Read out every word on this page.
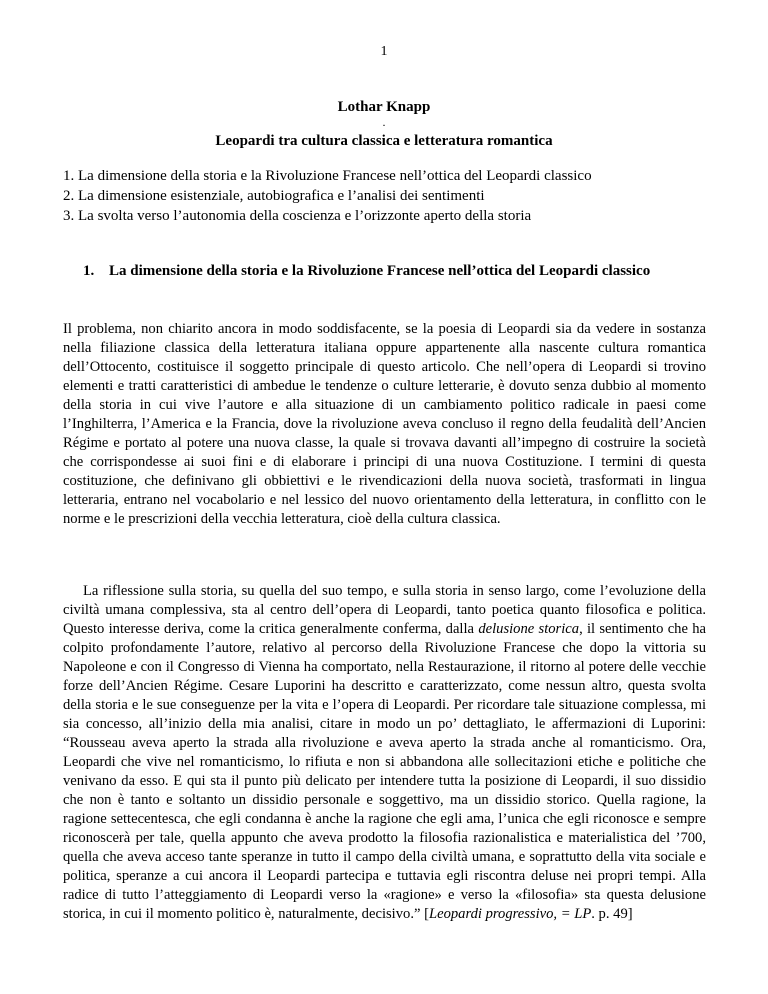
1
Lothar Knapp
.
Leopardi tra cultura classica e letteratura romantica
1. La dimensione della storia e la Rivoluzione Francese nell’ottica del Leopardi classico
2. La dimensione esistenziale, autobiografica e l’analisi dei sentimenti
3. La svolta verso l’autonomia della coscienza e l’orizzonte aperto della storia
1. La dimensione della storia e la Rivoluzione Francese nell’ottica del Leopardi classico

Il problema, non chiarito ancora in modo soddisfacente, se la poesia di Leopardi sia da vedere in sostanza nella filiazione classica della letteratura italiana oppure appartenente alla nascente cultura romantica dell’Ottocento, costituisce il soggetto principale di questo articolo. Che nell’opera di Leopardi si trovino elementi e tratti caratteristici di ambedue le tendenze o culture letterarie, è dovuto senza dubbio al momento della storia in cui vive l’autore e alla situazione di un cambiamento politico radicale in paesi come l’Inghilterra, l’America e la Francia, dove la rivoluzione aveva concluso il regno della feudalità dell’Ancien Régime e portato al potere una nuova classe, la quale si trovava davanti all’impegno di costruire la società che corrispondesse ai suoi fini e di elaborare i principi di una nuova Costituzione. I termini di questa costituzione, che definivano gli obbiettivi e le rivendicazioni della nuova società, trasformati in lingua letteraria, entrano nel vocabolario e nel lessico del nuovo orientamento della letteratura, in conflitto con le norme e le prescrizioni della vecchia letteratura, cioè della cultura classica.

La riflessione sulla storia, su quella del suo tempo, e sulla storia in senso largo, come l’evoluzione della civiltà umana complessiva, sta al centro dell’opera di Leopardi, tanto poetica quanto filosofica e politica. Questo interesse deriva, come la critica generalmente conferma, dalla delusione storica, il sentimento che ha colpito profondamente l’autore, relativo al percorso della Rivoluzione Francese che dopo la vittoria su Napoleone e con il Congresso di Vienna ha comportato, nella Restaurazione, il ritorno al potere delle vecchie forze dell’Ancien Régime. Cesare Luporini ha descritto e caratterizzato, come nessun altro, questa svolta della storia e le sue conseguenze per la vita e l’opera di Leopardi. Per ricordare tale situazione complessa, mi sia concesso, all’inizio della mia analisi, citare in modo un po’ dettagliato, le affermazioni di Luporini: “Rousseau aveva aperto la strada alla rivoluzione e aveva aperto la strada anche al romanticismo. Ora, Leopardi che vive nel romanticismo, lo rifiuta e non si abbandona alle sollecitazioni etiche e politiche che venivano da esso. E qui sta il punto più delicato per intendere tutta la posizione di Leopardi, il suo dissidio che non è tanto e soltanto un dissidio personale e soggettivo, ma un dissidio storico. Quella ragione, la ragione settecentesca, che egli condanna è anche la ragione che egli ama, l’unica che egli riconosce e sempre riconoscerà per tale, quella appunto che aveva prodotto la filosofia razionalistica e materialistica del ’700, quella che aveva acceso tante speranze in tutto il campo della civiltà umana, e soprattutto della vita sociale e politica, speranze a cui ancora il Leopardi partecipa e tuttavia egli riscontra deluse nei propri tempi. Alla radice di tutto l’atteggiamento di Leopardi verso la «ragione» e verso la «filosofia» sta questa delusione storica, in cui il momento politico è, naturalmente, decisivo.” [Leopardi progressivo, = LP. p. 49]
